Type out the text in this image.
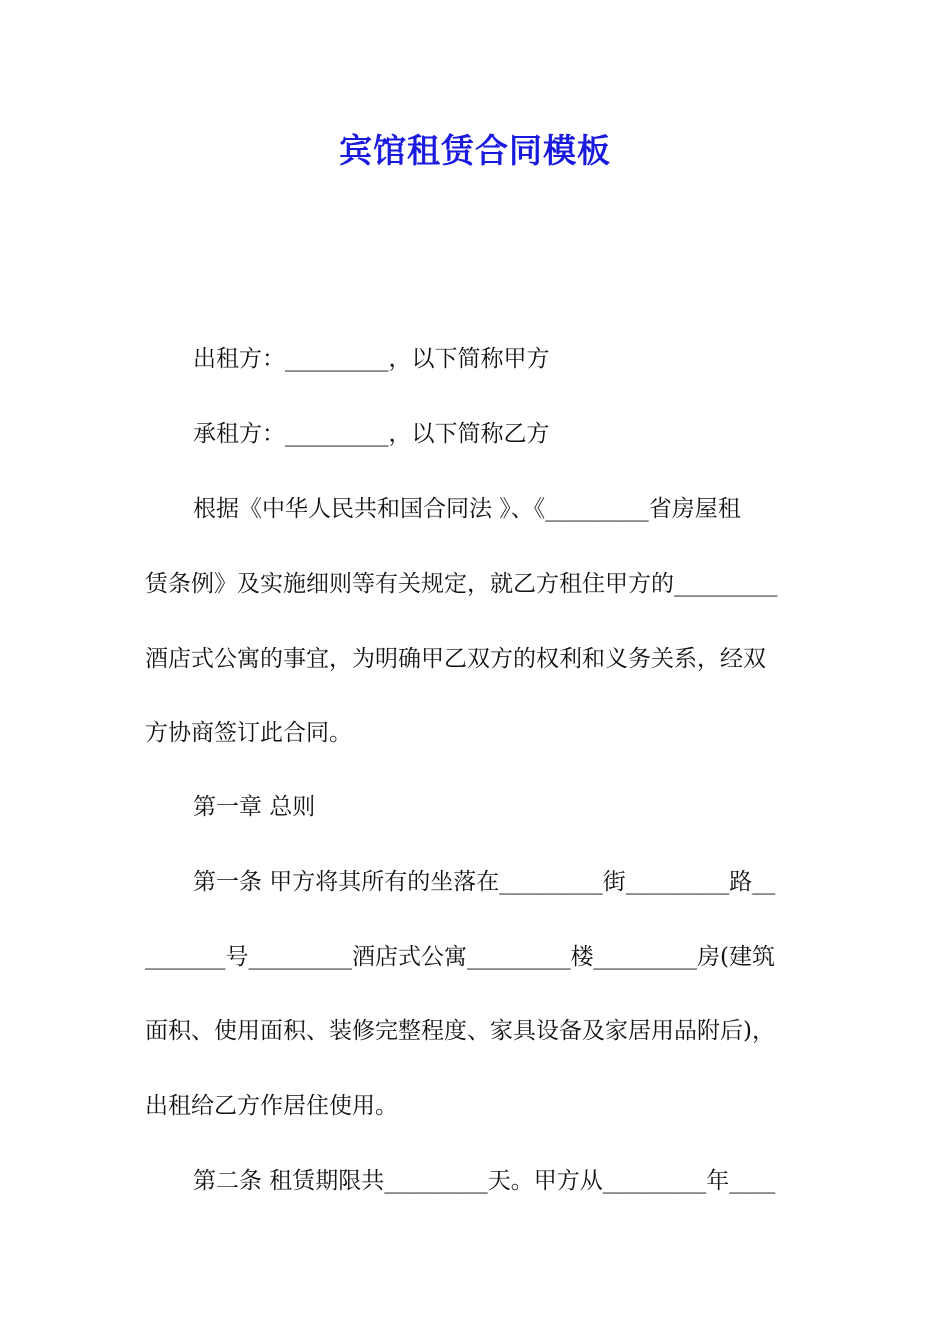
宾馆租赁合同模板
出租方：_________，以下简称甲方
承租方：_________，以下简称乙方
根据《中华人民共和国合同法 》、《_________省房屋租
赁条例》及实施细则等有关规定，就乙方租住甲方的_________
酒店式公寓的事宜，为明确甲乙双方的权利和义务关系，经双
方协商签订此合同。
第一章 总则
第一条 甲方将其所有的坐落在_________街_________路__
_______号_________酒店式公寓_________楼_________房(建筑
面积、使用面积、装修完整程度、家具设备及家居用品附后)，
出租给乙方作居住使用。
第二条 租赁期限共_________天。甲方从_________年____
